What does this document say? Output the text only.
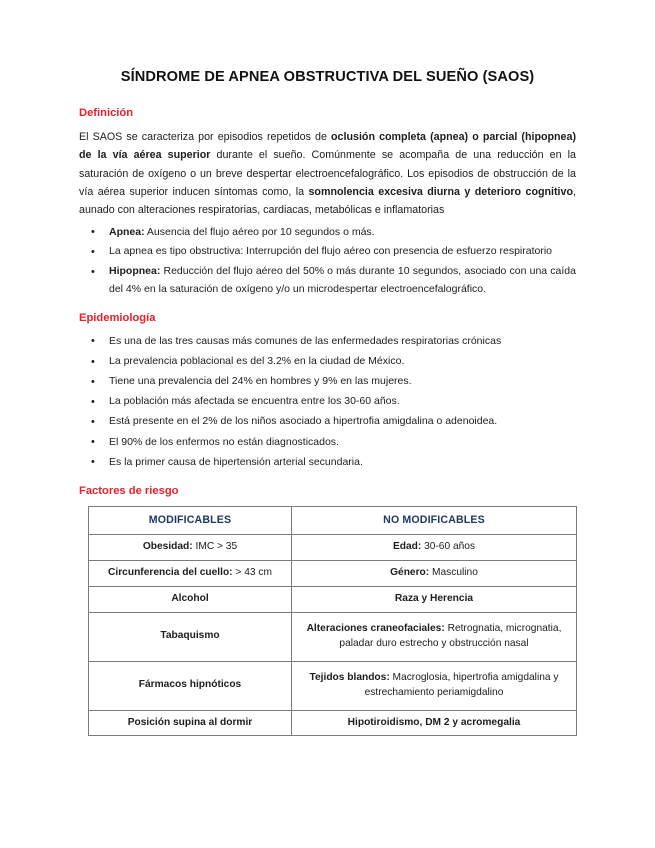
SÍNDROME DE APNEA OBSTRUCTIVA DEL SUEÑO (SAOS)
Definición

El SAOS se caracteriza por episodios repetidos de oclusión completa (apnea) o parcial (hipopnea) de la vía aérea superior durante el sueño. Comúnmente se acompaña de una reducción en la saturación de oxígeno o un breve despertar electroencefalográfico. Los episodios de obstrucción de la vía aérea superior inducen síntomas como, la somnolencia excesiva diurna y deterioro cognitivo, aunado con alteraciones respiratorias, cardiacas, metabólicas e inflamatorias

• Apnea: Ausencia del flujo aéreo por 10 segundos o más.
• La apnea es tipo obstructiva: Interrupción del flujo aéreo con presencia de esfuerzo respiratorio
• Hipopnea: Reducción del flujo aéreo del 50% o más durante 10 segundos, asociado con una caída del 4% en la saturación de oxígeno y/o un microdespertar electroencefalográfico.
Epidemiología
• Es una de las tres causas más comunes de las enfermedades respiratorias crónicas
• La prevalencia poblacional es del 3.2% en la ciudad de México.
• Tiene una prevalencia del 24% en hombres y 9% en las mujeres.
• La población más afectada se encuentra entre los 30-60 años.
• Está presente en el 2% de los niños asociado a hipertrofia amigdalina o adenoidea.
• El 90% de los enfermos no están diagnosticados.
• Es la primer causa de hipertensión arterial secundaria.
Factores de riesgo
MODIFICABLES	NO MODIFICABLES
Obesidad: IMC > 35	Edad: 30-60 años
Circunferencia del cuello: > 43 cm	Género: Masculino
Alcohol	Raza y Herencia
Tabaquismo	Alteraciones craneofaciales: Retrognatia, micrognatia, paladar duro estrecho y obstrucción nasal
Fármacos hipnóticos	Tejidos blandos: Macroglosia, hipertrofia amigdalina y estrechamiento periamigdalino
Posición supina al dormir	Hipotiroidismo, DM 2 y acromegalia
